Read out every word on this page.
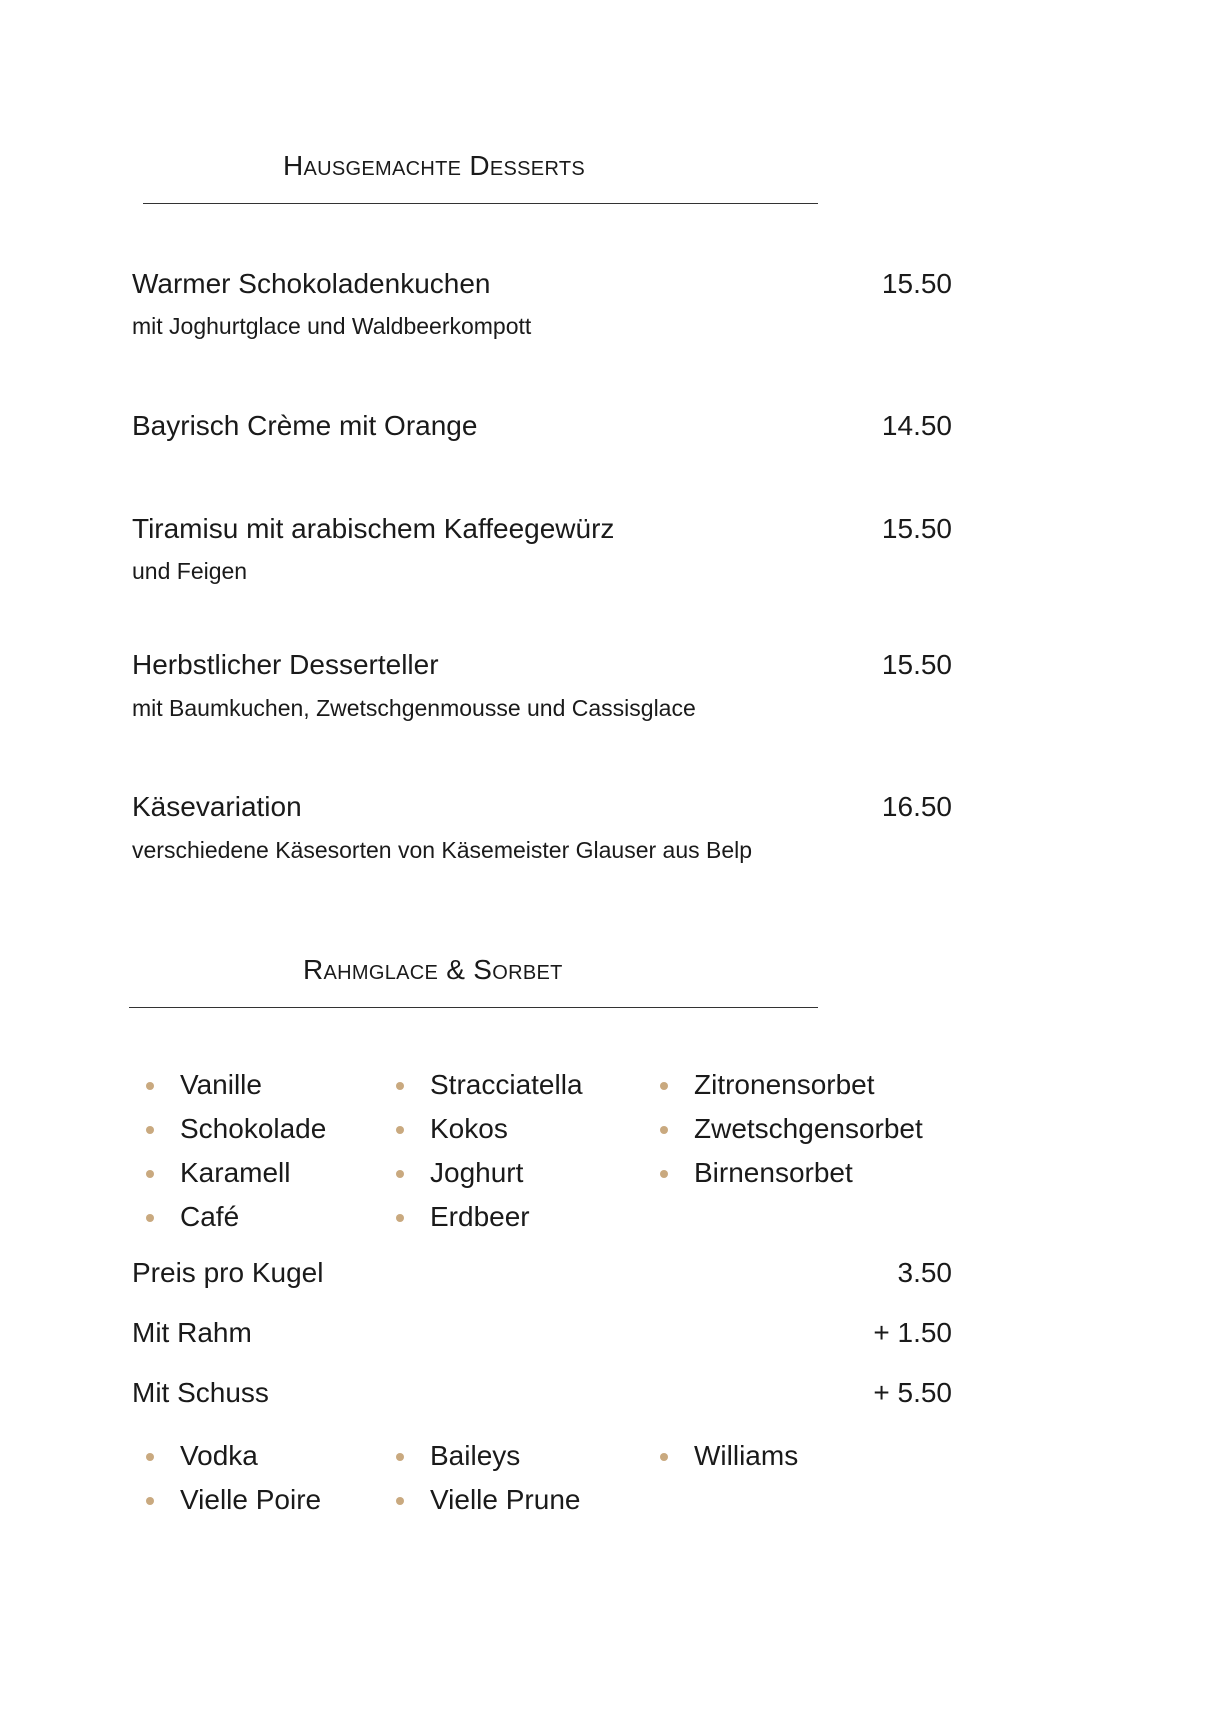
Hausgemachte Desserts
Warmer Schokoladenkuchen	15.50
mit Joghurtglace und Waldbeerkompott
Bayrisch Crème mit Orange	14.50
Tiramisu mit arabischem Kaffeegewürz	15.50
und Feigen
Herbstlicher Desserteller	15.50
mit Baumkuchen, Zwetschgenmousse und Cassisglace
Käsevariation	16.50
verschiedene Käsesorten von Käsemeister Glauser aus Belp
Rahmglace & Sorbet
Vanille
Schokolade
Karamell
Café
Stracciatella
Kokos
Joghurt
Erdbeer
Zitronensorbet
Zwetschgensorbet
Birnensorbet
Preis pro Kugel	3.50
Mit Rahm	+ 1.50
Mit Schuss	+ 5.50
Vodka
Vielle Poire
Baileys
Vielle Prune
Williams
